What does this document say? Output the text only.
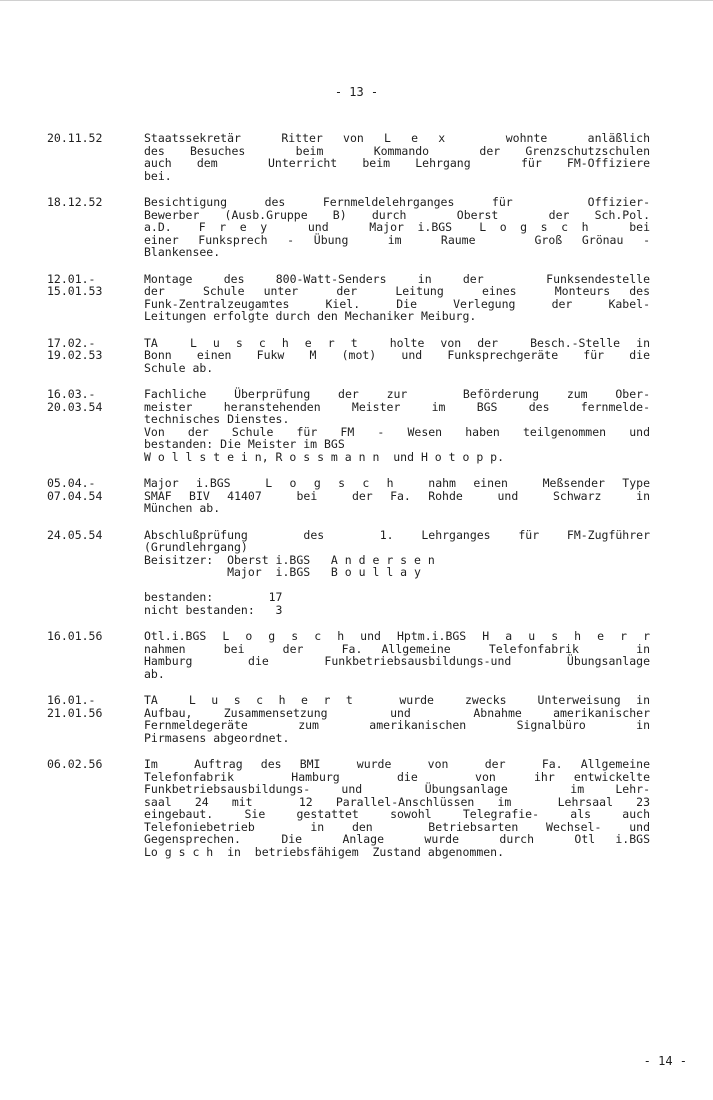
- 13 -
20.11.52	Staatssekretär  Ritter von L e x   wohnte  anläßlich
des Besuches  beim  Kommando  der Grenzschutzschulen
auch dem  Unterricht beim Lehrgang  für FM-Offiziere
bei.
18.12.52	Besichtigung des Fernmeldelehrganges für  Offizier-
Bewerber (Ausb.Gruppe B) durch  Oberst  der Sch.Pol.
a.D.  F r e y   und   Major i.BGS  L o g s c h   bei
einer Funksprech - Übung  im  Raume   Groß Grönau -
Blankensee.
12.01.-
15.01.53
Montage des 800-Watt-Senders in der  Funksendestelle
der  Schule unter  der  Leitung  eines  Monteurs des
Funk-Zentralzeugamtes Kiel. Die Verlegung der Kabel-
Leitungen erfolgte durch den Mechaniker Meiburg.
17.02.-
19.02.53
TA  L u s c h e r t  holte von der  Besch.-Stelle in
Bonn einen Fukw M (mot) und Funksprechgeräte für die
Schule ab.
16.03.-
20.03.54
Fachliche Überprüfung der zur  Beförderung zum Ober-
meister heranstehenden Meister im BGS des fernmelde-
technisches Dienstes.
Von der Schule für FM - Wesen haben teilgenommen und
bestanden: Die Meister im BGS
W o l l s t e i n, R o s s m a n n  und H o t o p p.
05.04.-
07.04.54
Major i.BGS  L o g s c h  nahm einen  Meßsender Type
SMAF BIV 41407  bei  der Fa. Rohde  und  Schwarz  in
München ab.
24.05.54	Abschlußprüfung  des  1. Lehrganges für FM-Zugführer
(Grundlehrgang)
Beisitzer:  Oberst i.BGS   A n d e r s e n
Major  i.BGS   B o u l l a y
bestanden:        17
nicht bestanden:   3
16.01.56	Otl.i.BGS L o g s c h und Hptm.i.BGS H a u s h e r r
nahmen  bei  der  Fa. Allgemeine  Telefonfabrik   in
Hamburg die Funkbetriebsausbildungs-und Übungsanlage
ab.
16.01.-
21.01.56
TA  L u s c h e r t   wurde  zwecks  Unterweisung in
Aufbau, Zusammensetzung  und  Abnahme amerikanischer
Fernmeldegeräte  zum  amerikanischen  Signalbüro  in
Pirmasens abgeordnet.
06.02.56	Im  Auftrag des BMI  wurde  von  der  Fa. Allgemeine
Telefonfabrik   Hamburg   die   von  ihr entwickelte
Funkbetriebsausbildungs- und  Übungsanlage  im Lehr-
saal 24 mit  12 Parallel-Anschlüssen im  Lehrsaal 23
eingebaut. Sie gestattet sowohl Telegrafie- als auch
Telefoniebetrieb  in den  Betriebsarten Wechsel- und
Gegensprechen.  Die  Anlage  wurde  durch  Otl i.BGS
Lo g s c h  in  betriebsfähigem  Zustand abgenommen.
- 14 -
